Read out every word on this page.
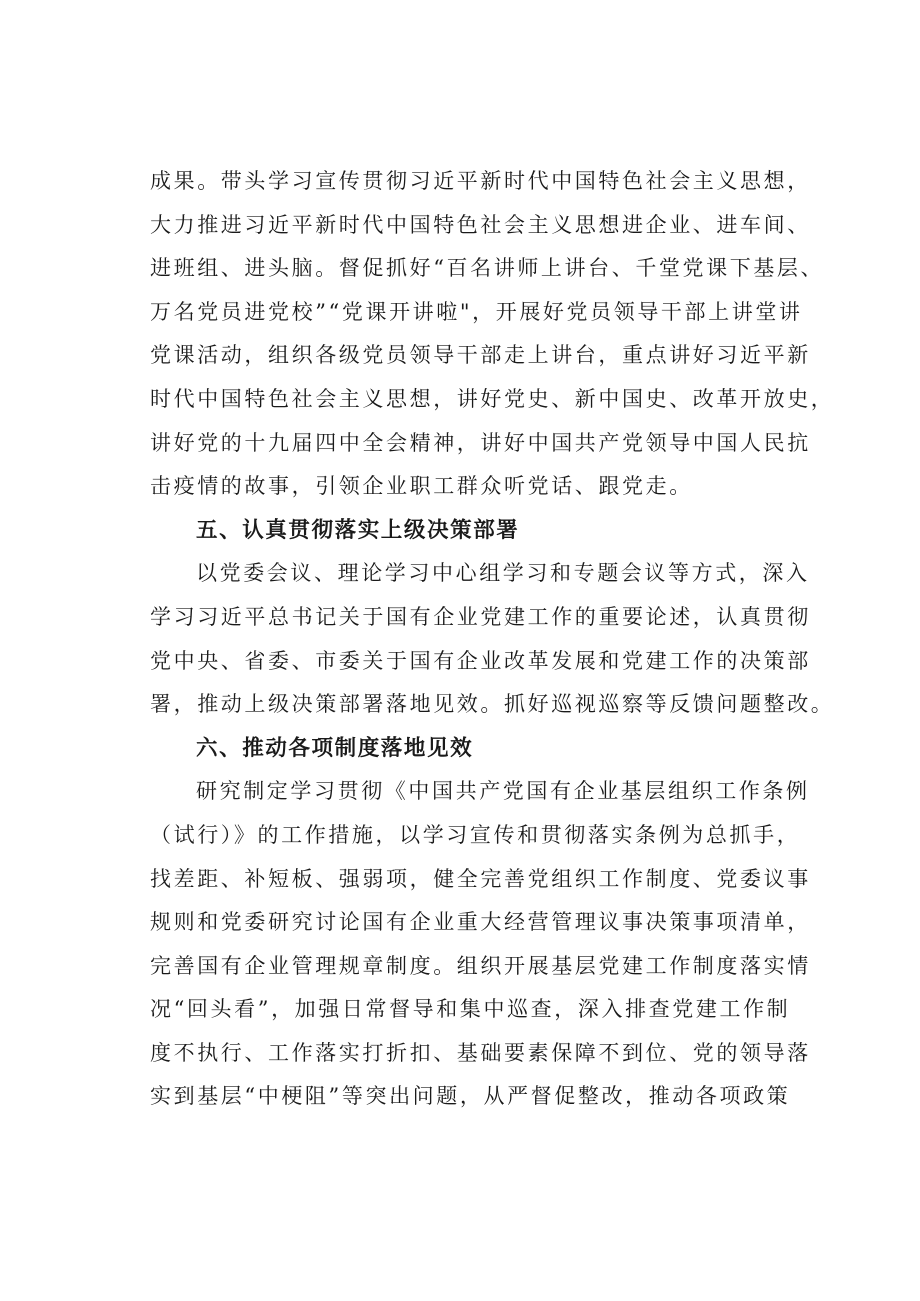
成果。带头学习宣传贯彻习近平新时代中国特色社会主义思想，
大力推进习近平新时代中国特色社会主义思想进企业、进车间、
进班组、进头脑。督促抓好“百名讲师上讲台、千堂党课下基层、
万名党员进党校”“党课开讲啦"，开展好党员领导干部上讲堂讲
党课活动，组织各级党员领导干部走上讲台，重点讲好习近平新
时代中国特色社会主义思想，讲好党史、新中国史、改革开放史，
讲好党的十九届四中全会精神，讲好中国共产党领导中国人民抗
击疫情的故事，引领企业职工群众听党话、跟党走。
五、认真贯彻落实上级决策部署
以党委会议、理论学习中心组学习和专题会议等方式，深入
学习习近平总书记关于国有企业党建工作的重要论述，认真贯彻
党中央、省委、市委关于国有企业改革发展和党建工作的决策部
署，推动上级决策部署落地见效。抓好巡视巡察等反馈问题整改。
六、推动各项制度落地见效
研究制定学习贯彻《中国共产党国有企业基层组织工作条例
（试行）》的工作措施，以学习宣传和贯彻落实条例为总抓手，
找差距、补短板、强弱项，健全完善党组织工作制度、党委议事
规则和党委研究讨论国有企业重大经营管理议事决策事项清单，
完善国有企业管理规章制度。组织开展基层党建工作制度落实情
况“回头看”，加强日常督导和集中巡查，深入排查党建工作制
度不执行、工作落实打折扣、基础要素保障不到位、党的领导落
实到基层“中梗阻”等突出问题，从严督促整改，推动各项政策
